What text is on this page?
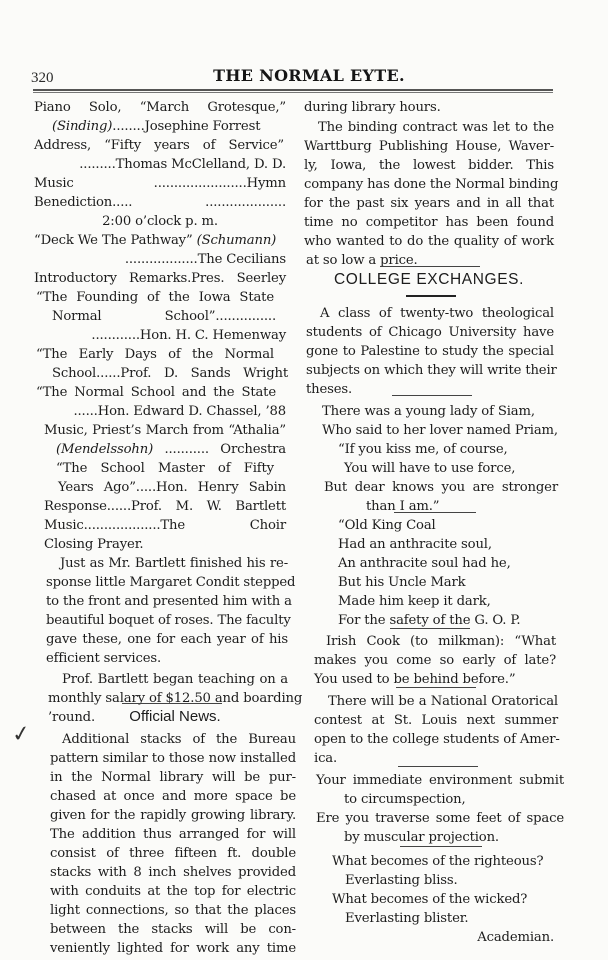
320	THE NORMAL EYTE.
Piano Solo, “March Grotesque,”
(Sinding)........Josephine Forrest
Address, “Fifty years of Service”
.........Thomas McClelland, D. D.
Music .......................Hymn
Benediction..... ....................
2:00 o’clock p. m.
“Deck We The Pathway” (Schumann)
..................The Cecilians
Introductory Remarks.Pres. Seerley
“The Founding of the Iowa State
Normal School”...............
............Hon. H. C. Hemenway
“The Early Days of the Normal
School......Prof. D. Sands Wright
“The Normal School and the State
......Hon. Edward D. Chassel, ’88
Music, Priest’s March from “Athalia”
(Mendelssohn) ........... Orchestra
“The School Master of Fifty
Years Ago”.....Hon. Henry Sabin
Response......Prof. M. W. Bartlett
Music...................The Choir
Closing Prayer.
Just as Mr. Bartlett finished his re-
sponse little Margaret Condit stepped
to the front and presented him with a
beautiful boquet of roses. The faculty
gave these, one for each year of his
efficient services.
Prof. Bartlett began teaching on a
monthly salary of $12.50 and boarding
’round.	Official News.
✓ Additional stacks of the Bureau
pattern similar to those now installed
in the Normal library will be pur-
chased at once and more space be
given for the rapidly growing library.
The addition thus arranged for will
consist of three fifteen ft. double
stacks with 8 inch shelves provided
with conduits at the top for electric
light connections, so that the places
between the stacks will be con-
veniently lighted for work any time
during library hours.
The binding contract was let to the
Warttburg Publishing House, Waver-
ly, Iowa, the lowest bidder. This
company has done the Normal binding
for the past six years and in all that
time no competitor has been found
who wanted to do the quality of work
at so low a price.
COLLEGE EXCHANGES.
A class of twenty-two theological
students of Chicago University have
gone to Palestine to study the special
subjects on which they will write their
theses.
There was a young lady of Siam,
Who said to her lover named Priam,
“If you kiss me, of course,
You will have to use force,
But dear knows you are stronger
than I am.”
“Old King Coal
Had an anthracite soul,
An anthracite soul had he,
But his Uncle Mark
Made him keep it dark,
For the safety of the G. O. P.
Irish Cook (to milkman): “What
makes you come so early of late?
You used to be behind before.”
There will be a National Oratorical
contest at St. Louis next summer
open to the college students of Amer-
ica.
Your immediate environment submit
to circumspection,
Ere you traverse some feet of space
by muscular projection.
What becomes of the righteous?
Everlasting bliss.
What becomes of the wicked?
Everlasting blister.
Academian.
